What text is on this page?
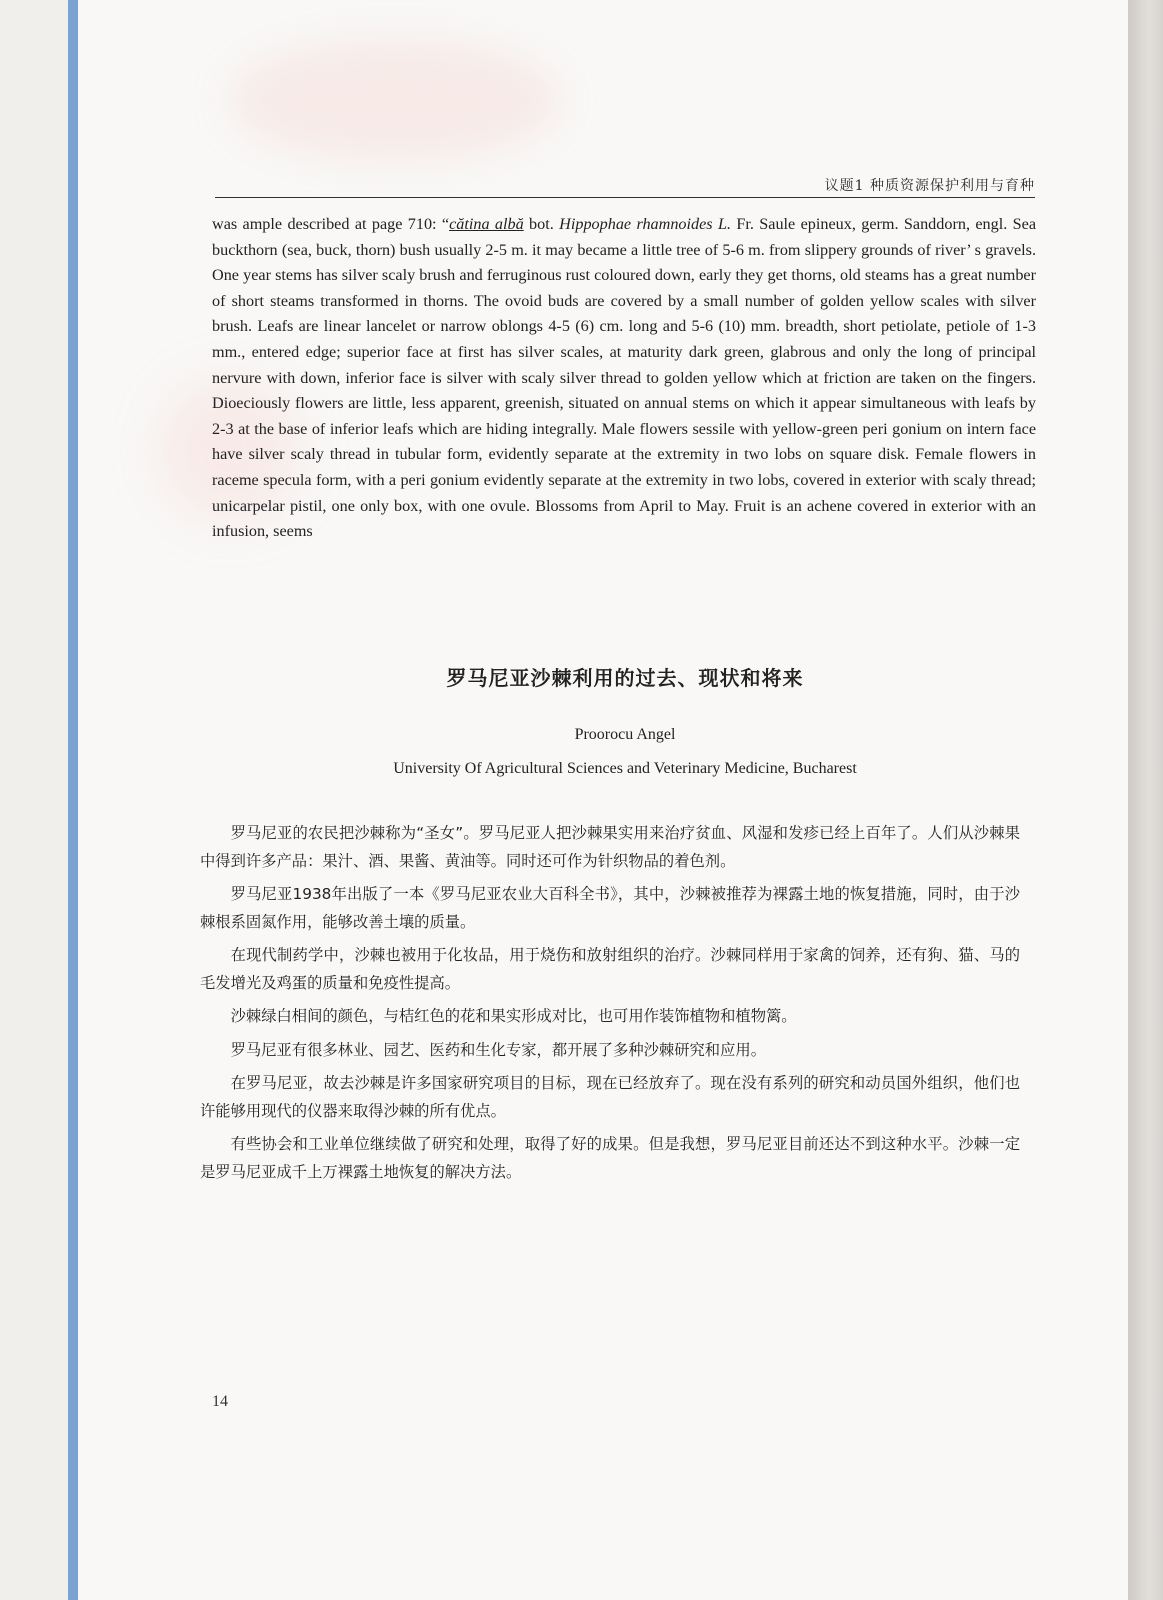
议题1 种质资源保护利用与育种
was ample described at page 710: “cătina albă bot. Hippophae rhamnoides L. Fr. Saule epineux, germ. Sanddorn, engl. Sea buckthorn (sea, buck, thorn) bush usually 2-5 m. it may became a little tree of 5-6 m. from slippery grounds of river’ s gravels. One year stems has silver scaly brush and ferruginous rust coloured down, early they get thorns, old steams has a great number of short steams transformed in thorns. The ovoid buds are covered by a small number of golden yellow scales with silver brush. Leafs are linear lancelet or narrow oblongs 4-5 (6) cm. long and 5-6 (10) mm. breadth, short petiolate, petiole of 1-3 mm., entered edge; superior face at first has silver scales, at maturity dark green, glabrous and only the long of principal nervure with down, inferior face is silver with scaly silver thread to golden yellow which at friction are taken on the fingers. Dioeciously flowers are little, less apparent, greenish, situated on annual stems on which it appear simultaneous with leafs by 2-3 at the base of inferior leafs which are hiding integrally. Male flowers sessile with yellow-green peri gonium on intern face have silver scaly thread in tubular form, evidently separate at the extremity in two lobs on square disk. Female flowers in raceme specula form, with a peri gonium evidently separate at the extremity in two lobs, covered in exterior with scaly thread; unicarpelar pistil, one only box, with one ovule. Blossoms from April to May. Fruit is an achene covered in exterior with an infusion, seems
罗马尼亚沙棘利用的过去、现状和将来
Proorocu Angel
University Of Agricultural Sciences and Veterinary Medicine, Bucharest

罗马尼亚的农民把沙棘称为“圣女”。罗马尼亚人把沙棘果实用来治疗贫血、风湿和发疹已经上百年了。人们从沙棘果中得到许多产品：果汁、酒、果酱、黄油等。同时还可作为针织物品的着色剂。

罗马尼亚1938年出版了一本《罗马尼亚农业大百科全书》，其中，沙棘被推荐为裸露土地的恢复措施，同时，由于沙棘根系固氮作用，能够改善土壤的质量。

在现代制药学中，沙棘也被用于化妆品，用于烧伤和放射组织的治疗。沙棘同样用于家禽的饲养，还有狗、猫、马的毛发增光及鸡蛋的质量和免疫性提高。

沙棘绿白相间的颜色，与桔红色的花和果实形成对比，也可用作装饰植物和植物篱。

罗马尼亚有很多林业、园艺、医药和生化专家，都开展了多种沙棘研究和应用。

在罗马尼亚，故去沙棘是许多国家研究项目的目标，现在已经放弃了。现在没有系列的研究和动员国外组织，他们也许能够用现代的仪器来取得沙棘的所有优点。

有些协会和工业单位继续做了研究和处理，取得了好的成果。但是我想，罗马尼亚目前还达不到这种水平。沙棘一定是罗马尼亚成千上万裸露土地恢复的解决方法。

14
